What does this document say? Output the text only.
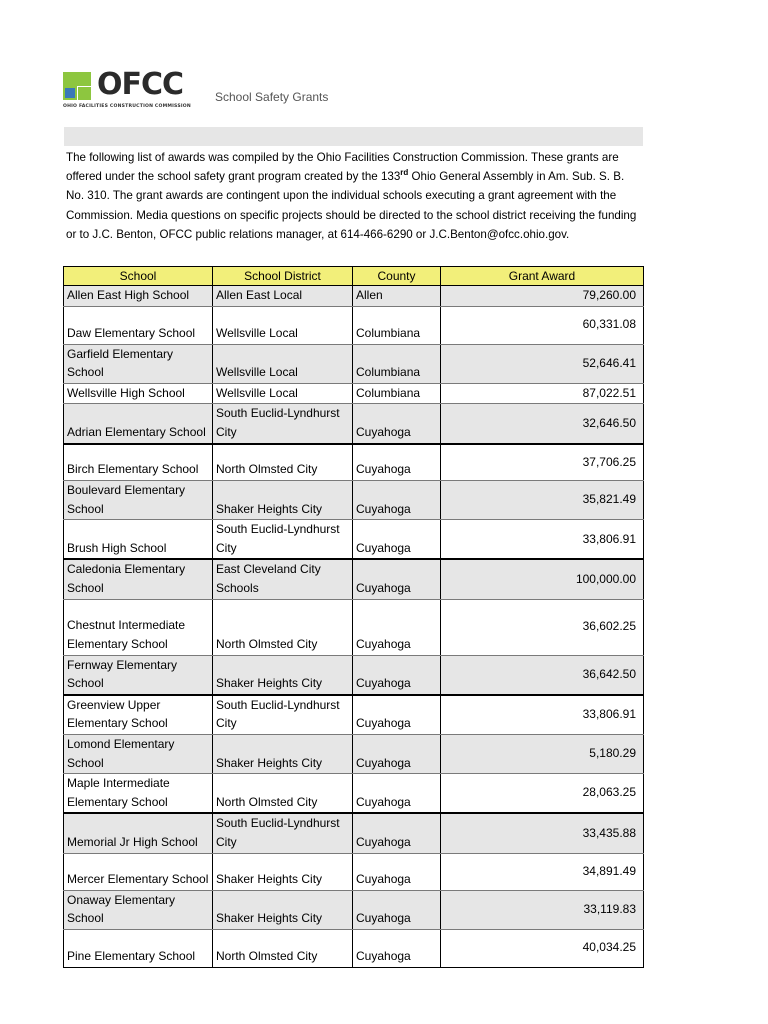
OFCC
OHIO FACILITIES CONSTRUCTION COMMISSION
School Safety Grants
The following list of awards was compiled by the Ohio Facilities Construction Commission. These grants are offered under the school safety grant program created by the 133rd Ohio General Assembly in Am. Sub. S. B. No. 310. The grant awards are contingent upon the individual schools executing a grant agreement with the Commission. Media questions on specific projects should be directed to the school district receiving the funding or to J.C. Benton, OFCC public relations manager, at 614-466-6290 or J.C.Benton@ofcc.ohio.gov.
School	School District	County	Grant Award
Allen East High School	Allen East Local	Allen	79,260.00
Daw Elementary School	Wellsville Local	Columbiana	60,331.08
Garfield Elementary School	Wellsville Local	Columbiana	52,646.41
Wellsville High School	Wellsville Local	Columbiana	87,022.51
Adrian Elementary School	South Euclid-Lyndhurst City	Cuyahoga	32,646.50
Birch Elementary School	North Olmsted City	Cuyahoga	37,706.25
Boulevard Elementary School	Shaker Heights City	Cuyahoga	35,821.49
Brush High School	South Euclid-Lyndhurst City	Cuyahoga	33,806.91
Caledonia Elementary School	East Cleveland City Schools	Cuyahoga	100,000.00
Chestnut Intermediate Elementary School	North Olmsted City	Cuyahoga	36,602.25
Fernway Elementary School	Shaker Heights City	Cuyahoga	36,642.50
Greenview Upper Elementary School	South Euclid-Lyndhurst City	Cuyahoga	33,806.91
Lomond Elementary School	Shaker Heights City	Cuyahoga	5,180.29
Maple Intermediate Elementary School	North Olmsted City	Cuyahoga	28,063.25
Memorial Jr High School	South Euclid-Lyndhurst City	Cuyahoga	33,435.88
Mercer Elementary School	Shaker Heights City	Cuyahoga	34,891.49
Onaway Elementary School	Shaker Heights City	Cuyahoga	33,119.83
Pine Elementary School	North Olmsted City	Cuyahoga	40,034.25
